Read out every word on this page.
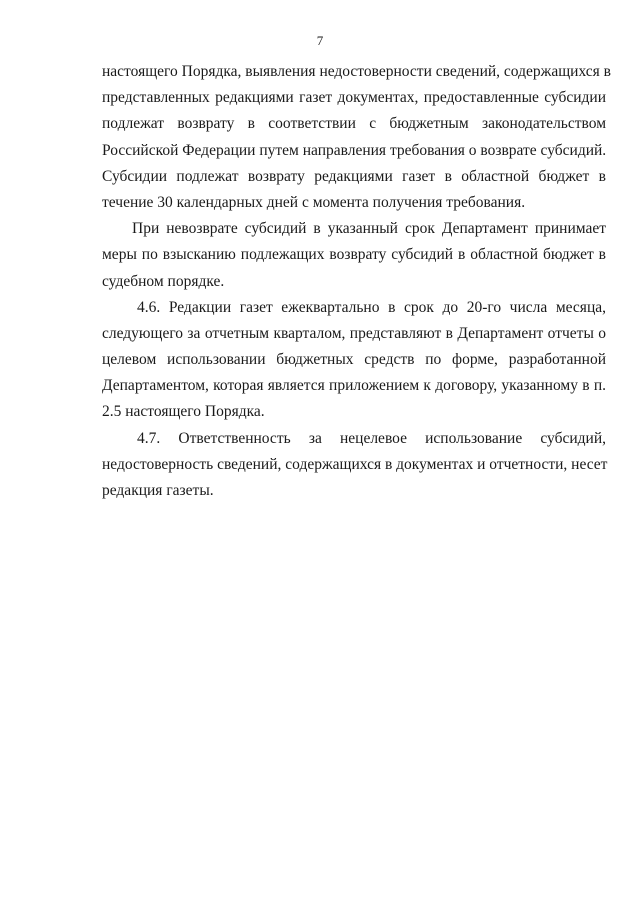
7
настоящего Порядка, выявления недостоверности сведений, содержащихся в
представленных редакциями газет документах, предоставленные субсидии
подлежат возврату в соответствии с бюджетным законодательством
Российской Федерации путем направления требования о возврате субсидий.
Субсидии подлежат возврату редакциями газет в областной бюджет в
течение 30 календарных дней с момента получения требования.
При невозврате субсидий в указанный срок Департамент принимает
меры по взысканию подлежащих возврату субсидий в областной бюджет в
судебном порядке.
4.6. Редакции газет ежеквартально в срок до 20-го числа месяца,
следующего за отчетным кварталом, представляют в Департамент отчеты о
целевом использовании бюджетных средств по форме, разработанной
Департаментом, которая является приложением к договору, указанному в п.
2.5 настоящего Порядка.
4.7. Ответственность за нецелевое использование субсидий,
недостоверность сведений, содержащихся в документах и отчетности, несет
редакция газеты.
